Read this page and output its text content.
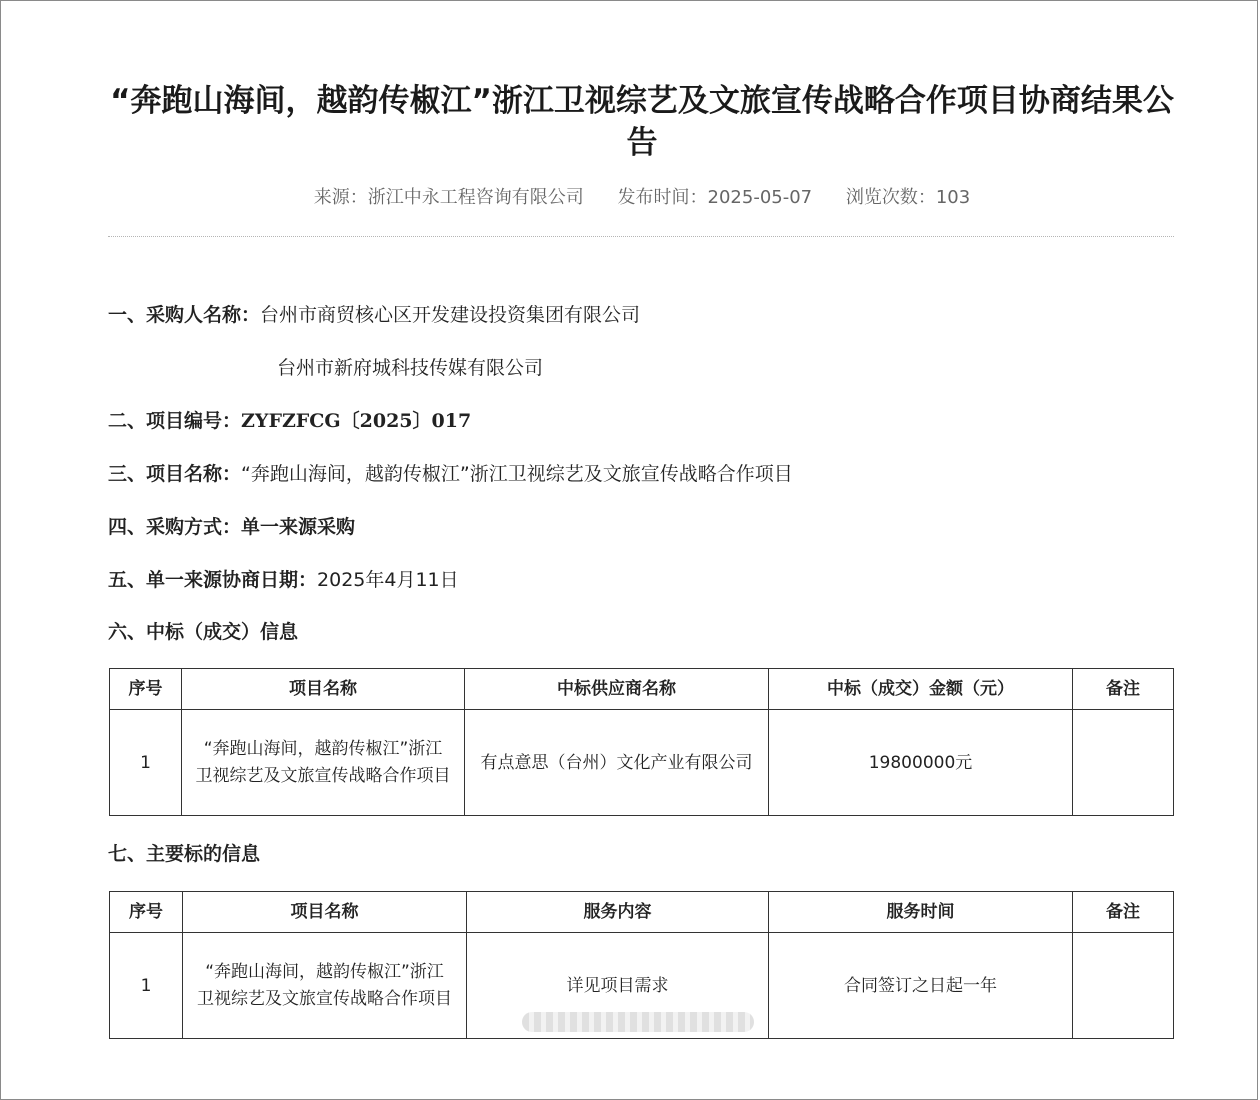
“奔跑山海间，越韵传椒江”浙江卫视综艺及文旅宣传战略合作项目协商结果公告
来源：浙江中永工程咨询有限公司 发布时间：2025-05-07 浏览次数：103
一、采购人名称：台州市商贸核心区开发建设投资集团有限公司
台州市新府城科技传媒有限公司
二、项目编号：ZYFZFCG〔2025〕017
三、项目名称：“奔跑山海间，越韵传椒江”浙江卫视综艺及文旅宣传战略合作项目
四、采购方式：单一来源采购
五、单一来源协商日期：2025年4月11日
六、中标（成交）信息
序号	项目名称	中标供应商名称	中标（成交）金额（元）	备注
1	“奔跑山海间，越韵传椒江”浙江
卫视综艺及文旅宣传战略合作项目	有点意思（台州）文化产业有限公司	19800000元	
七、主要标的信息
序号	项目名称	服务内容	服务时间	备注
1	“奔跑山海间，越韵传椒江”浙江
卫视综艺及文旅宣传战略合作项目	详见项目需求	合同签订之日起一年	
